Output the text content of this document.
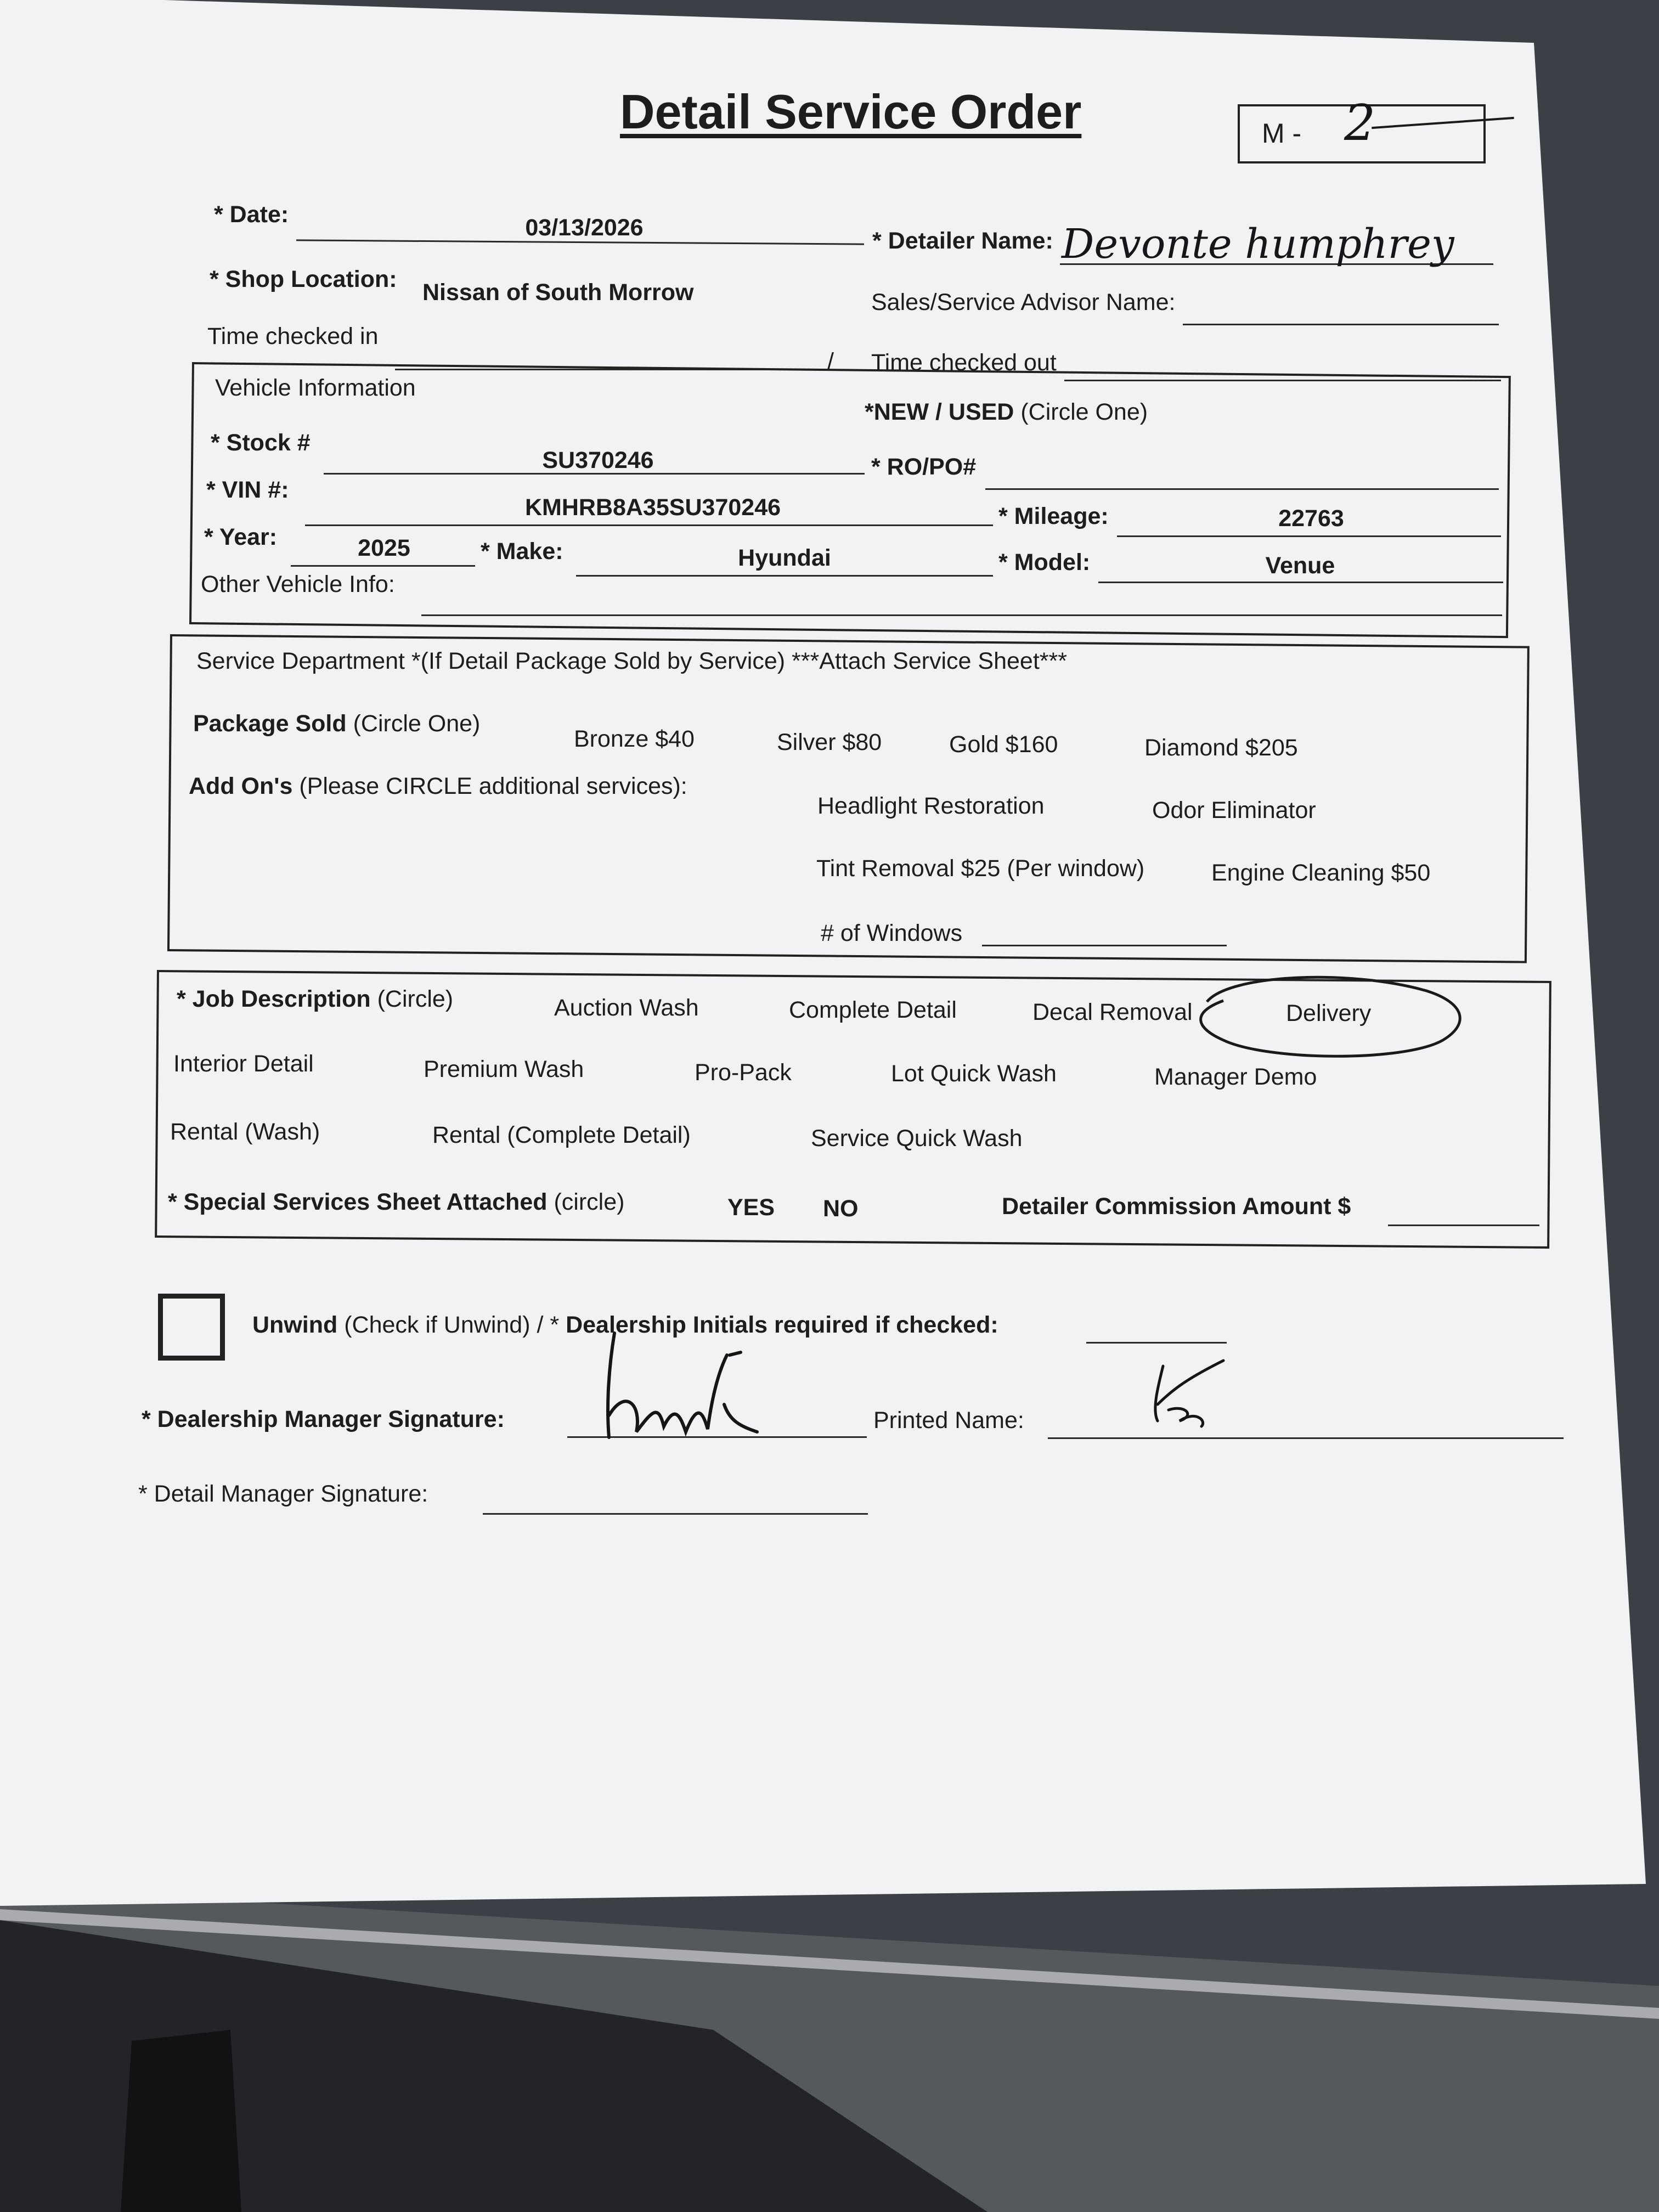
Detail Service Order	M - 2
* Date:	03/13/2026	* Detailer Name: Devonte humphrey
* Shop Location: Nissan of South Morrow	Sales/Service Advisor Name:
Time checked in
/ Time checked out
Vehicle Information
*NEW / USED (Circle One)
* Stock #
SU370246	* RO/PO#
* VIN #:
KMHRB8A35SU370246	* Mileage:	22763
* Year:	2025	* Make:	Hyundai	* Model:	Venue
Other Vehicle Info:
Service Department *(If Detail Package Sold by Service) ***Attach Service Sheet***
Package Sold (Circle One)
Bronze $40	Silver $80	Gold $160	Diamond $205
Add On's (Please CIRCLE additional services):
Headlight Restoration	Odor Eliminator
Tint Removal $25 (Per window)	Engine Cleaning $50
# of Windows
* Job Description (Circle)	Auction Wash	Complete Detail	Decal Removal	Delivery
Interior Detail	Premium Wash	Pro-Pack	Lot Quick Wash	Manager Demo
Rental (Wash)	Rental (Complete Detail)	Service Quick Wash
* Special Services Sheet Attached (circle)	YES NO	Detailer Commission Amount $
Unwind (Check if Unwind) / * Dealership Initials required if checked:
* Dealership Manager Signature:	Printed Name:
* Detail Manager Signature:
